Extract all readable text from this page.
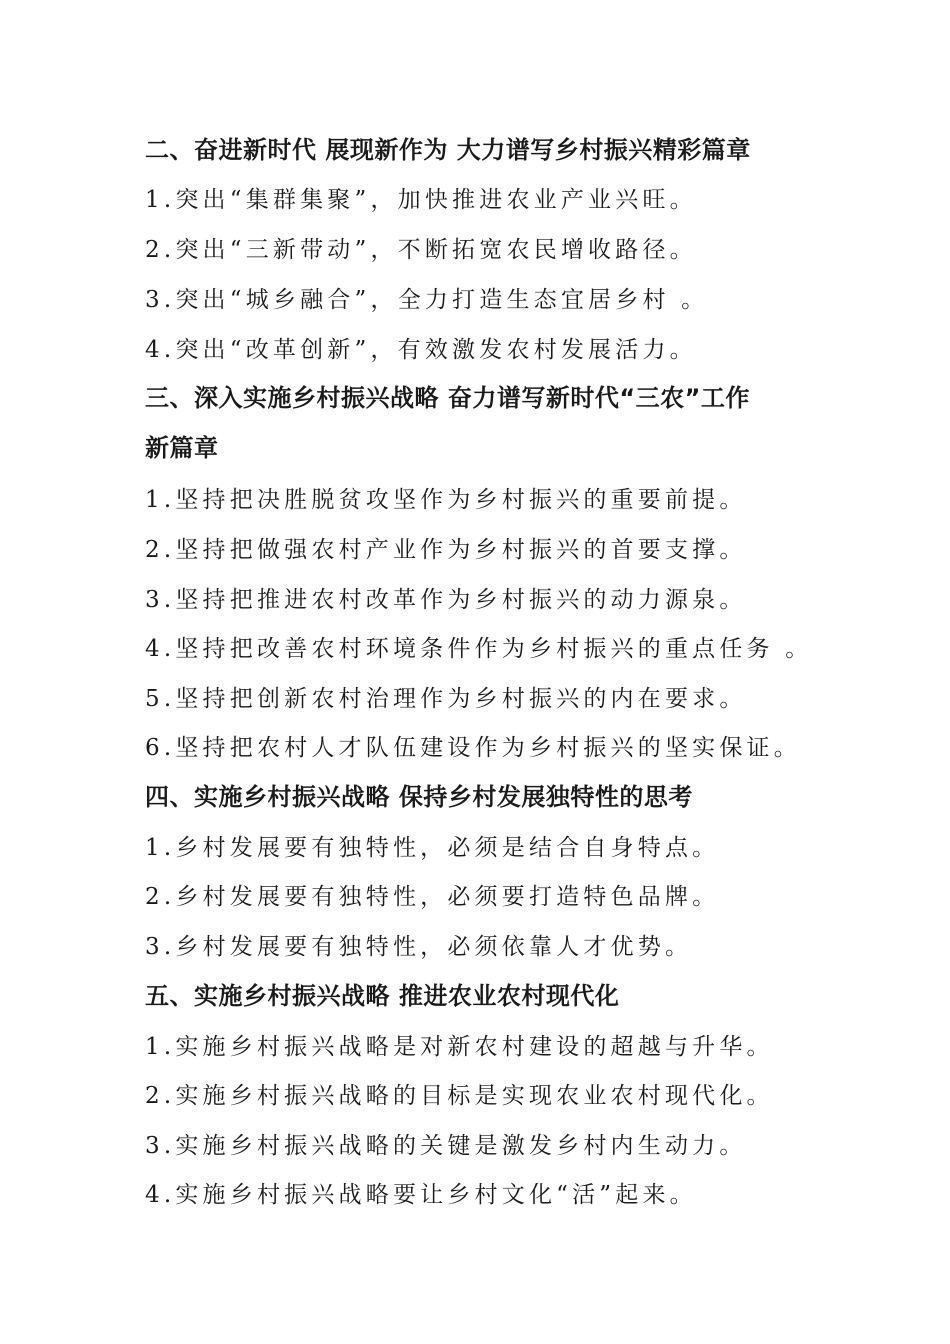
二、奋进新时代 展现新作为 大力谱写乡村振兴精彩篇章
1.突出“集群集聚”，加快推进农业产业兴旺。
2.突出“三新带动”，不断拓宽农民增收路径。
3.突出“城乡融合”，全力打造生态宜居乡村 。
4.突出“改革创新”，有效激发农村发展活力。
三、深入实施乡村振兴战略 奋力谱写新时代“三农”工作
新篇章
1.坚持把决胜脱贫攻坚作为乡村振兴的重要前提。
2.坚持把做强农村产业作为乡村振兴的首要支撑。
3.坚持把推进农村改革作为乡村振兴的动力源泉。
4.坚持把改善农村环境条件作为乡村振兴的重点任务 。
5.坚持把创新农村治理作为乡村振兴的内在要求。
6.坚持把农村人才队伍建设作为乡村振兴的坚实保证。
四、实施乡村振兴战略 保持乡村发展独特性的思考
1.乡村发展要有独特性，必须是结合自身特点。
2.乡村发展要有独特性，必须要打造特色品牌。
3.乡村发展要有独特性，必须依靠人才优势。
五、实施乡村振兴战略 推进农业农村现代化
1.实施乡村振兴战略是对新农村建设的超越与升华。
2.实施乡村振兴战略的目标是实现农业农村现代化。
3.实施乡村振兴战略的关键是激发乡村内生动力。
4.实施乡村振兴战略要让乡村文化“活”起来。
